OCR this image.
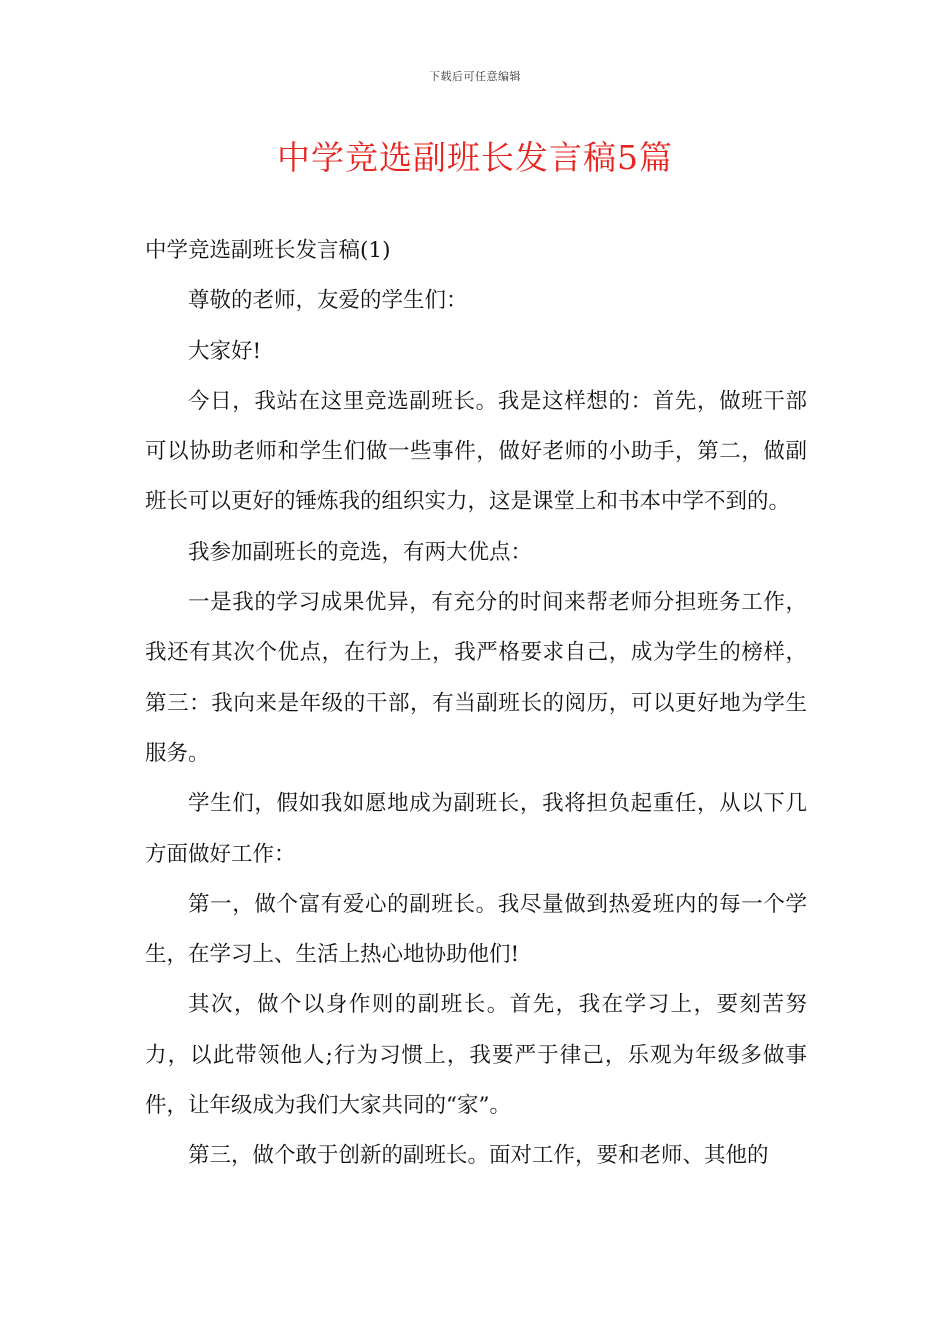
下载后可任意编辑
中学竞选副班长发言稿5篇

中学竞选副班长发言稿(1)

尊敬的老师，友爱的学生们：

大家好!

今日，我站在这里竞选副班长。我是这样想的：首先，做班干部可以协助老师和学生们做一些事件，做好老师的小助手，第二，做副班长可以更好的锤炼我的组织实力，这是课堂上和书本中学不到的。

我参加副班长的竞选，有两大优点：

一是我的学习成果优异，有充分的时间来帮老师分担班务工作，我还有其次个优点，在行为上，我严格要求自己，成为学生的榜样，第三：我向来是年级的干部，有当副班长的阅历，可以更好地为学生服务。

学生们，假如我如愿地成为副班长，我将担负起重任，从以下几方面做好工作：

第一，做个富有爱心的副班长。我尽量做到热爱班内的每一个学生，在学习上、生活上热心地协助他们!

其次，做个以身作则的副班长。首先，我在学习上，要刻苦努力，以此带领他人;行为习惯上，我要严于律己，乐观为年级多做事件，让年级成为我们大家共同的“家”。

第三，做个敢于创新的副班长。面对工作，要和老师、其他的
